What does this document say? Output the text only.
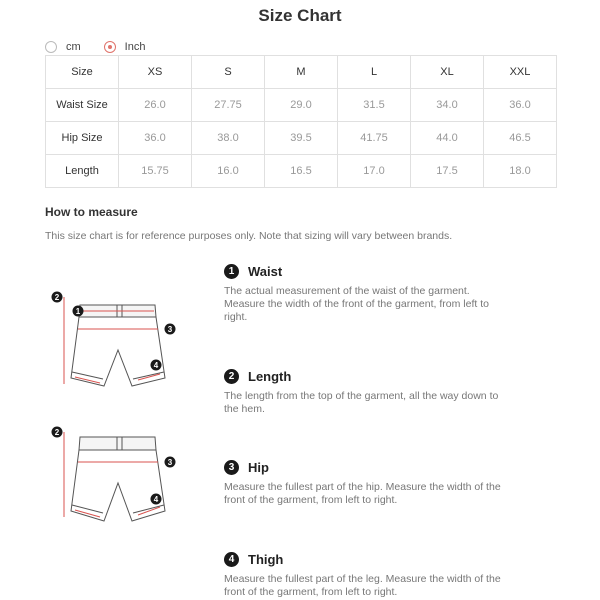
Size Chart
cm	Inch
Size	XS	S	M	L	XL	XXL
Waist Size	26.0	27.75	29.0	31.5	34.0	36.0
Hip Size	36.0	38.0	39.5	41.75	44.0	46.5
Length	15.75	16.0	16.5	17.0	17.5	18.0
How to measure
This size chart is for reference purposes only. Note that sizing will vary between brands.
2
1
3
4
2
3
4
1	Waist
The actual measurement of the waist of the garment. Measure the width of the front of the garment, from left to right.
2	Length
The length from the top of the garment, all the way down to the hem.
3	Hip
Measure the fullest part of the hip. Measure the width of the front of the garment, from left to right.
4	Thigh
Measure the fullest part of the leg. Measure the width of the front of the garment, from left to right.
